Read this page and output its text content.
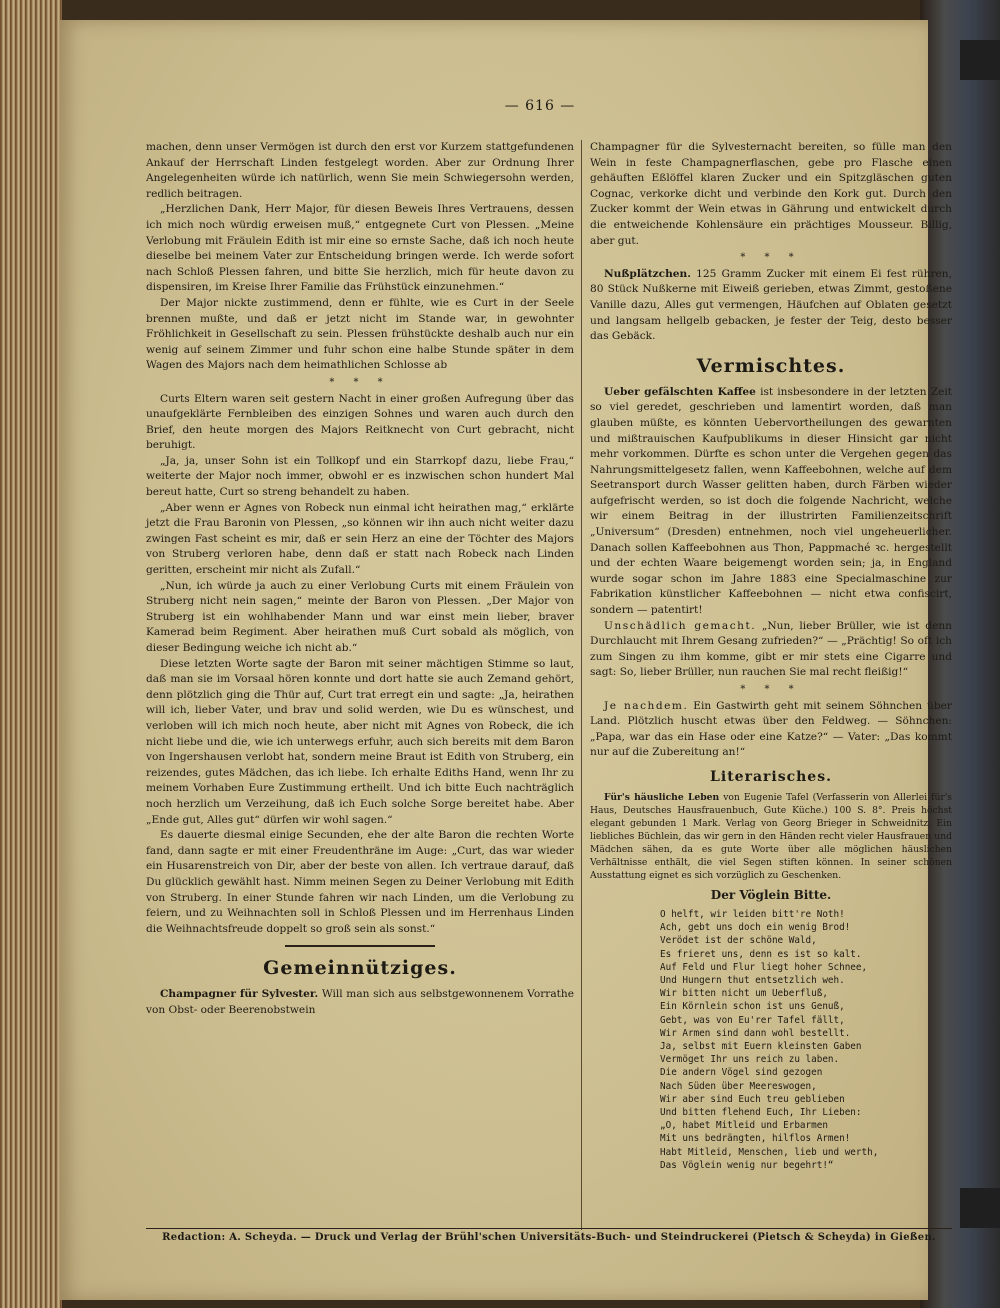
— 616 —

machen, denn unser Vermögen ist durch den erst vor Kurzem stattgefundenen Ankauf der Herrschaft Linden festgelegt worden. Aber zur Ordnung Ihrer Angelegenheiten würde ich natürlich, wenn Sie mein Schwiegersohn werden, redlich beitragen.

„Herzlichen Dank, Herr Major, für diesen Beweis Ihres Vertrauens, dessen ich mich noch würdig erweisen muß,“ entgegnete Curt von Plessen. „Meine Verlobung mit Fräulein Edith ist mir eine so ernste Sache, daß ich noch heute dieselbe bei meinem Vater zur Entscheidung bringen werde. Ich werde sofort nach Schloß Plessen fahren, und bitte Sie herzlich, mich für heute davon zu dispensiren, im Kreise Ihrer Familie das Frühstück einzunehmen.“

Der Major nickte zustimmend, denn er fühlte, wie es Curt in der Seele brennen mußte, und daß er jetzt nicht im Stande war, in gewohnter Fröhlichkeit in Gesellschaft zu sein. Plessen frühstückte deshalb auch nur ein wenig auf seinem Zimmer und fuhr schon eine halbe Stunde später in dem Wagen des Majors nach dem heimathlichen Schlosse ab

* * *

Curts Eltern waren seit gestern Nacht in einer großen Aufregung über das unaufgeklärte Fernbleiben des einzigen Sohnes und waren auch durch den Brief, den heute morgen des Majors Reitknecht von Curt gebracht, nicht beruhigt.

„Ja, ja, unser Sohn ist ein Tollkopf und ein Starrkopf dazu, liebe Frau,“ weiterte der Major noch immer, obwohl er es inzwischen schon hundert Mal bereut hatte, Curt so streng behandelt zu haben.

„Aber wenn er Agnes von Robeck nun einmal icht heirathen mag,“ erklärte jetzt die Frau Baronin von Plessen, „so können wir ihn auch nicht weiter dazu zwingen Fast scheint es mir, daß er sein Herz an eine der Töchter des Majors von Struberg verloren habe, denn daß er statt nach Robeck nach Linden geritten, erscheint mir nicht als Zufall.“

„Nun, ich würde ja auch zu einer Verlobung Curts mit einem Fräulein von Struberg nicht nein sagen,“ meinte der Baron von Plessen. „Der Major von Struberg ist ein wohlhabender Mann und war einst mein lieber, braver Kamerad beim Regiment. Aber heirathen muß Curt sobald als möglich, von dieser Bedingung weiche ich nicht ab.“

Diese letzten Worte sagte der Baron mit seiner mächtigen Stimme so laut, daß man sie im Vorsaal hören konnte und dort hatte sie auch Zemand gehört, denn plötzlich ging die Thür auf, Curt trat erregt ein und sagte: „Ja, heirathen will ich, lieber Vater, und brav und solid werden, wie Du es wünschest, und verloben will ich mich noch heute, aber nicht mit Agnes von Robeck, die ich nicht liebe und die, wie ich unterwegs erfuhr, auch sich bereits mit dem Baron von Ingershausen verlobt hat, sondern meine Braut ist Edith von Struberg, ein reizendes, gutes Mädchen, das ich liebe. Ich erhalte Ediths Hand, wenn Ihr zu meinem Vorhaben Eure Zustimmung ertheilt. Und ich bitte Euch nachträglich noch herzlich um Verzeihung, daß ich Euch solche Sorge bereitet habe. Aber „Ende gut, Alles gut“ dürfen wir wohl sagen.“

Es dauerte diesmal einige Secunden, ehe der alte Baron die rechten Worte fand, dann sagte er mit einer Freudenthräne im Auge: „Curt, das war wieder ein Husarenstreich von Dir, aber der beste von allen. Ich vertraue darauf, daß Du glücklich gewählt hast. Nimm meinen Segen zu Deiner Verlobung mit Edith von Struberg. In einer Stunde fahren wir nach Linden, um die Verlobung zu feiern, und zu Weihnachten soll in Schloß Plessen und im Herrenhaus Linden die Weihnachtsfreude doppelt so groß sein als sonst.“

Gemeinnütziges.

Champagner für Sylvester. Will man sich aus selbstgewonnenem Vorrathe von Obst- oder Beerenobstwein

Champagner für die Sylvesternacht bereiten, so fülle man den Wein in feste Champagnerflaschen, gebe pro Flasche einen gehäuften Eßlöffel klaren Zucker und ein Spitzgläschen guten Cognac, verkorke dicht und verbinde den Kork gut. Durch den Zucker kommt der Wein etwas in Gährung und entwickelt durch die entweichende Kohlensäure ein prächtiges Mousseur. Billig, aber gut.

* * *

Nußplätzchen. 125 Gramm Zucker mit einem Ei fest rühren, 80 Stück Nußkerne mit Eiweiß gerieben, etwas Zimmt, gestoßene Vanille dazu, Alles gut vermengen, Häufchen auf Oblaten gesetzt und langsam hellgelb gebacken, je fester der Teig, desto besser das Gebäck.

Vermischtes.

Ueber gefälschten Kaffee ist insbesondere in der letzten Zeit so viel geredet, geschrieben und lamentirt worden, daß man glauben müßte, es könnten Uebervortheilungen des gewarnten und mißtrauischen Kaufpublikums in dieser Hinsicht gar nicht mehr vorkommen. Dürfte es schon unter die Vergehen gegen das Nahrungsmittelgesetz fallen, wenn Kaffeebohnen, welche auf dem Seetransport durch Wasser gelitten haben, durch Färben wieder aufgefrischt werden, so ist doch die folgende Nachricht, welche wir einem Beitrag in der illustrirten Familienzeitschrift „Universum“ (Dresden) entnehmen, noch viel ungeheuerlicher. Danach sollen Kaffeebohnen aus Thon, Pappmaché ꝛc. hergestellt und der echten Waare beigemengt worden sein; ja, in England wurde sogar schon im Jahre 1883 eine Specialmaschine zur Fabrikation künstlicher Kaffeebohnen — nicht etwa confiscirt, sondern — patentirt!

Unschädlich gemacht. „Nun, lieber Brüller, wie ist denn Durchlaucht mit Ihrem Gesang zufrieden?“ — „Prächtig! So oft ich zum Singen zu ihm komme, gibt er mir stets eine Cigarre und sagt: So, lieber Brüller, nun rauchen Sie mal recht fleißig!“

* * *

Je nachdem. Ein Gastwirth geht mit seinem Söhnchen über Land. Plötzlich huscht etwas über den Feldweg. — Söhnchen: „Papa, war das ein Hase oder eine Katze?“ — Vater: „Das kommt nur auf die Zubereitung an!“

Literarisches.

Für's häusliche Leben von Eugenie Tafel (Verfasserin von Allerlei für's Haus, Deutsches Hausfrauenbuch, Gute Küche.) 100 S. 8°. Preis höchst elegant gebunden 1 Mark. Verlag von Georg Brieger in Schweidnitz. Ein liebliches Büchlein, das wir gern in den Händen recht vieler Hausfrauen und Mädchen sähen, da es gute Worte über alle möglichen häuslichen Verhältnisse enthält, die viel Segen stiften können. In seiner schönen Ausstattung eignet es sich vorzüglich zu Geschenken.

Der Vöglein Bitte.
O helft, wir leiden bitt're Noth!
Ach, gebt uns doch ein wenig Brod!
Verödet ist der schöne Wald,
Es frieret uns, denn es ist so kalt.
Auf Feld und Flur liegt hoher Schnee,
Und Hungern thut entsetzlich weh.
Wir bitten nicht um Ueberfluß,
Ein Körnlein schon ist uns Genuß,
Gebt, was von Eu'rer Tafel fällt,
Wir Armen sind dann wohl bestellt.
Ja, selbst mit Euern kleinsten Gaben
Vermöget Ihr uns reich zu laben.
Die andern Vögel sind gezogen
Nach Süden über Meereswogen,
Wir aber sind Euch treu geblieben
Und bitten flehend Euch, Ihr Lieben:
„O, habet Mitleid und Erbarmen
Mit uns bedrängten, hilflos Armen!
Habt Mitleid, Menschen, lieb und werth,
Das Vöglein wenig nur begehrt!“
Redaction: A. Scheyda. — Druck und Verlag der Brühl'schen Universitäts-Buch- und Steindruckerei (Pietsch & Scheyda) in Gießen.
